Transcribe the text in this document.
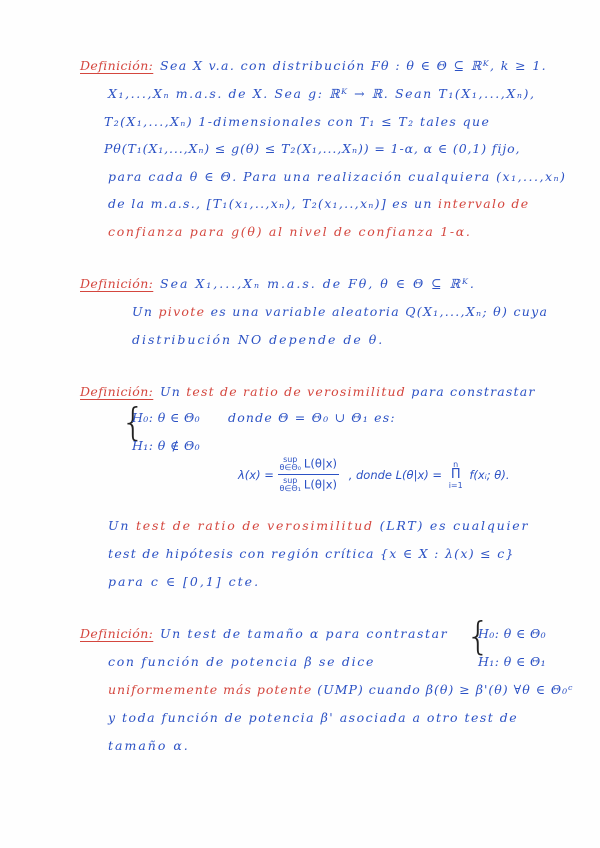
Definición: Sea X v.a. con distribución Fθ : θ ∈ Θ ⊆ ℝᴷ, k ≥ 1.
X₁,...,Xₙ m.a.s. de X. Sea g: ℝᴷ → ℝ. Sean T₁(X₁,...,Xₙ),
T₂(X₁,...,Xₙ) 1-dimensionales con T₁ ≤ T₂ tales que
Pθ(T₁(X₁,...,Xₙ) ≤ g(θ) ≤ T₂(X₁,...,Xₙ)) = 1-α, α ∈ (0,1) fijo,
para cada θ ∈ Θ. Para una realización cualquiera (x₁,...,xₙ)
de la m.a.s., [T₁(x₁,..,xₙ), T₂(x₁,..,xₙ)] es un intervalo de
confianza para g(θ) al nivel de confianza 1-α.
Definición: Sea X₁,...,Xₙ m.a.s. de Fθ, θ ∈ Θ ⊆ ℝᴷ.
Un pivote es una variable aleatoria Q(X₁,...,Xₙ; θ) cuya
distribución NO depende de θ.
Definición: Un test de ratio de verosimilitud para constrastar
{
H₀: θ ∈ Θ₀
H₁: θ ∉ Θ₀
donde Θ = Θ₀ ∪ Θ₁ es:
λ(x) = sup
θ∈Θ₀ L(θ|x)
sup
θ∈Θ₁ L(θ|x) , donde L(θ|x) =
n
Π
i=1
f(xᵢ; θ).
Un test de ratio de verosimilitud (LRT) es cualquier
test de hipótesis con región crítica {x ∈ X : λ(x) ≤ c}
para c ∈ [0,1] cte.
Definición: Un test de tamaño α para contrastar {
H₀: θ ∈ Θ₀
H₁: θ ∈ Θ₁
con función de potencia β se dice
uniformemente más potente (UMP) cuando β(θ) ≥ β'(θ) ∀θ ∈ Θ₀ᶜ
y toda función de potencia β' asociada a otro test de
tamaño α.
